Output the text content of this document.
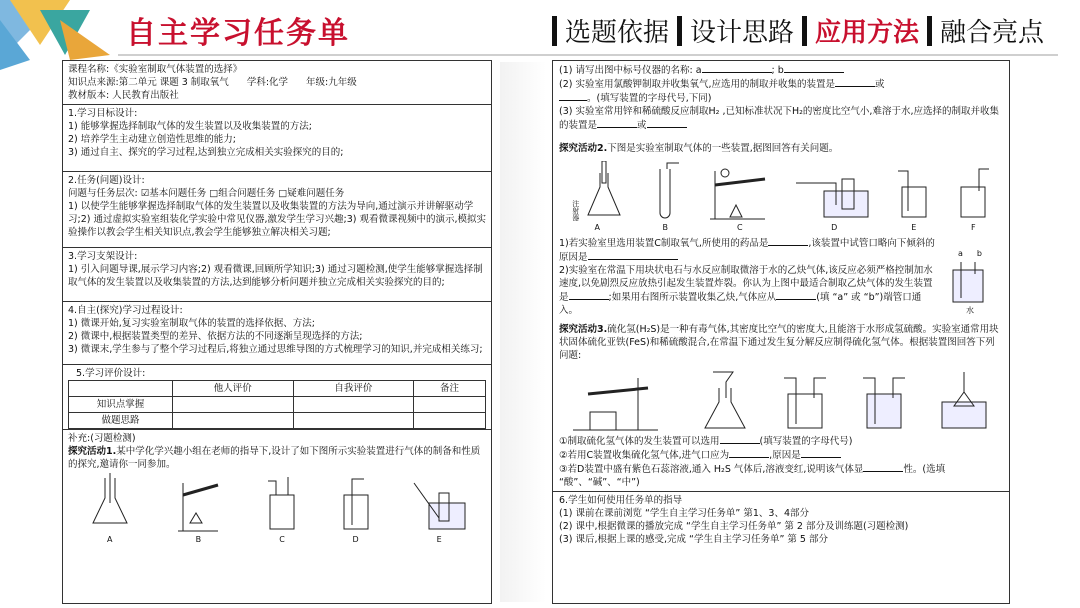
自主学习任务单	选题依据 设计思路 应用方法 融合亮点
课程名称:《实验室制取气体装置的选择》
知识点来源:第二单元 课题 3 制取氧气 学科:化学 年级:九年级
教材版本: 人民教育出版社
1.学习目标设计:
1) 能够掌握选择制取气体的发生装置以及收集装置的方法;
2) 培养学生主动建立创造性思维的能力;
3) 通过自主、探究的学习过程,达到独立完成相关实验探究的目的;
2.任务(问题)设计:
问题与任务层次: ☑基本问题任务 □组合问题任务 □疑难问题任务
1) 以使学生能够掌握选择制取气体的发生装置以及收集装置的方法为导向,通过演示并讲解驱动学习;2) 通过虚拟实验室组装化学实验中常见仪器,激发学生学习兴趣;3) 观看微课视频中的演示,模拟实验操作以教会学生相关知识点,教会学生能够独立解决相关习题;
3.学习支架设计:
1) 引入问题导课,展示学习内容;2) 观看微课,回顾所学知识;3) 通过习题检测,使学生能够掌握选择制取气体的发生装置以及收集装置的方法,达到能够分析问题并独立完成相关实验探究的目的;
4.自主(探究)学习过程设计:
1) 微课开始,复习实验室制取气体的装置的选择依据、方法;
2) 微课中,根据装置类型的差异、依据方法的不同逐渐呈现选择的方法;
3) 微课末,学生参与了整个学习过程后,将独立通过思维导图的方式梳理学习的知识,并完成相关练习;
5.学习评价设计:
	他人评价	自我评价	备注
知识点掌握			
做题思路			
补充:(习题检测)
探究活动1.某中学化学兴趣小组在老师的指导下,设计了如下图所示实验装置进行气体的制备和性质的探究,邀请你一同参加。
A	B	C	D	E
(1) 请写出图中标号仪器的名称: a	; b
(2) 实验室用氯酸钾制取并收集氧气,应选用的制取并收集的装置是	或
。(填写装置的字母代号,下同)
(3) 实验室常用锌和稀硫酸反应制取H₂ ,已知标准状况下H₂的密度比空气小,难溶于水,应选择的制取并收集的装置是	或
探究活动2.下图是实验室制取气体的一些装置,据图回答有关问题。
注射器
A	B	C	D	E	F
1)若实验室里选用装置C制取氧气,所使用的药品是	,该装置中试管口略向下倾斜的原因是
2)实验室在常温下用块状电石与水反应制取微溶于水的乙炔气体,该反应必须严格控制加水速度,以免剧烈反应放热引起发生装置炸裂。你认为上图中最适合制取乙炔气体的发生装置是	;如果用右图所示装置收集乙炔,气体应从	(填 “a” 或 “b”)端管口通入。
a b
水
探究活动3.硫化氢(H₂S)是一种有毒气体,其密度比空气的密度大,且能溶于水形成氢硫酸。实验室通常用块状固体硫化亚铁(FeS)和稀硫酸混合,在常温下通过发生复分解反应制得硫化氢气体。根据装置图回答下列问题:
①制取硫化氢气体的发生装置可以选用	(填写装置的字母代号)
②若用C装置收集硫化氢气体,进气口应为	,原因是
③若D装置中盛有紫色石蕊溶液,通入 H₂S 气体后,溶液变红,说明该气体显	性。(选填 “酸”、“碱”、“中”)
6.学生如何使用任务单的指导
(1) 课前在课前浏览 “学生自主学习任务单” 第1、3、4部分
(2) 课中,根据微课的播放完成 “学生自主学习任务单” 第 2 部分及训练题(习题检测)
(3) 课后,根据上课的感受,完成 “学生自主学习任务单” 第 5 部分
